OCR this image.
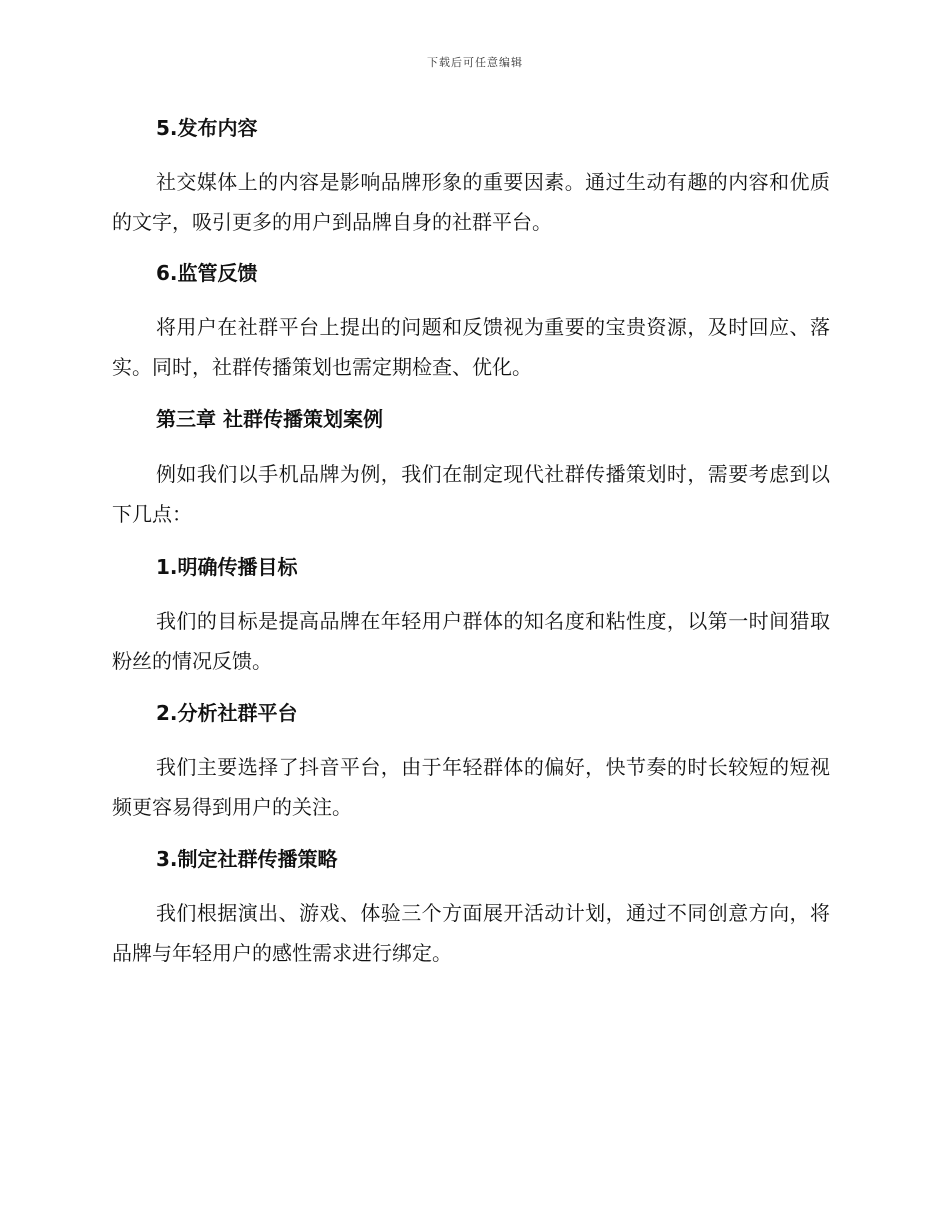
下载后可任意编辑
5.发布内容

社交媒体上的内容是影响品牌形象的重要因素。通过生动有趣的内容和优质的文字，吸引更多的用户到品牌自身的社群平台。

6.监管反馈

将用户在社群平台上提出的问题和反馈视为重要的宝贵资源，及时回应、落实。同时，社群传播策划也需定期检查、优化。

第三章 社群传播策划案例

例如我们以手机品牌为例，我们在制定现代社群传播策划时，需要考虑到以下几点：

1.明确传播目标

我们的目标是提高品牌在年轻用户群体的知名度和粘性度，以第一时间猎取粉丝的情况反馈。

2.分析社群平台

我们主要选择了抖音平台，由于年轻群体的偏好，快节奏的时长较短的短视频更容易得到用户的关注。

3.制定社群传播策略

我们根据演出、游戏、体验三个方面展开活动计划，通过不同创意方向，将品牌与年轻用户的感性需求进行绑定。
